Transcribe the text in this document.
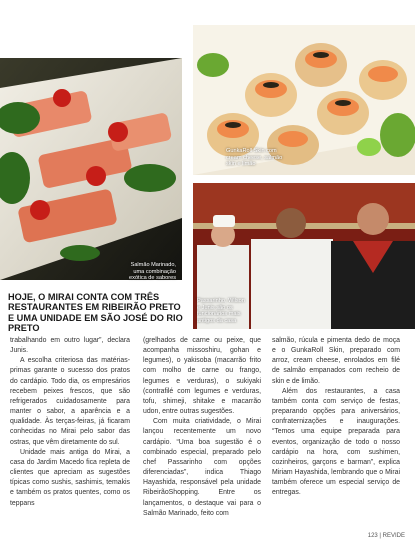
Salmão Marinado,
uma combinação
exótica de sabores
GunkaRoll Skin com
cream cheese, salmão
skin e limão
Passarinho, Wilson
e Junis são os
funcionários mais
antigos da casa
HOJE, O MIRAI CONTA COM TRÊS RESTAURANTES EM RIBEIRÃO PRETO E UMA UNIDADE EM SÃO JOSÉ DO RIO PRETO

trabalhando em outro lugar”, declara Junis.

A escolha criteriosa das matérias-primas garante o sucesso dos pratos do cardápio. Todo dia, os empresários recebem peixes frescos, que são refrigerados cuidadosamente para manter o sabor, a aparência e a qualidade. Às terças-feiras, já ficaram conhecidas no Mirai pelo sabor das ostras, que vêm diretamente do sul.

Unidade mais antiga do Mirai, a casa do Jardim Macedo fica repleta de clientes que apreciam as sugestões típicas como sushis, sashimis, temakis e também os pratos quentes, como os teppans

(grelhados de carne ou peixe, que acompanha missoshiru, gohan e legumes), o yakisoba (macarrão frito com molho de carne ou frango, legumes e verduras), o sukiyaki (contrafilé com legumes e verduras, tofu, shimeji, shitake e macarrão udon, entre outras sugestões.

Com muita criatividade, o Mirai lançou recentemente um novo cardápio. “Uma boa sugestão é o combinado especial, preparado pelo chef Passarinho com opções diferenciadas”, indica Thiago Hayashida, responsável pela unidade RibeirãoShopping. Entre os lançamentos, o destaque vai para o Salmão Marinado, feito com

salmão, rúcula e pimenta dedo de moça e o GunkaRoll Skin, preparado com arroz, cream cheese, enrolados em filé de salmão empanados com recheio de skin e de limão.

Além dos restaurantes, a casa também conta com serviço de festas, preparando opções para aniversários, confraternizações e inaugurações. “Temos uma equipe preparada para eventos, organização de todo o nosso cardápio na hora, com sushimen, cozinheiros, garçons e barman”, explica Miriam Hayashida, lembrando que o Mirai também oferece um especial serviço de entregas.

123 | REVIDE
